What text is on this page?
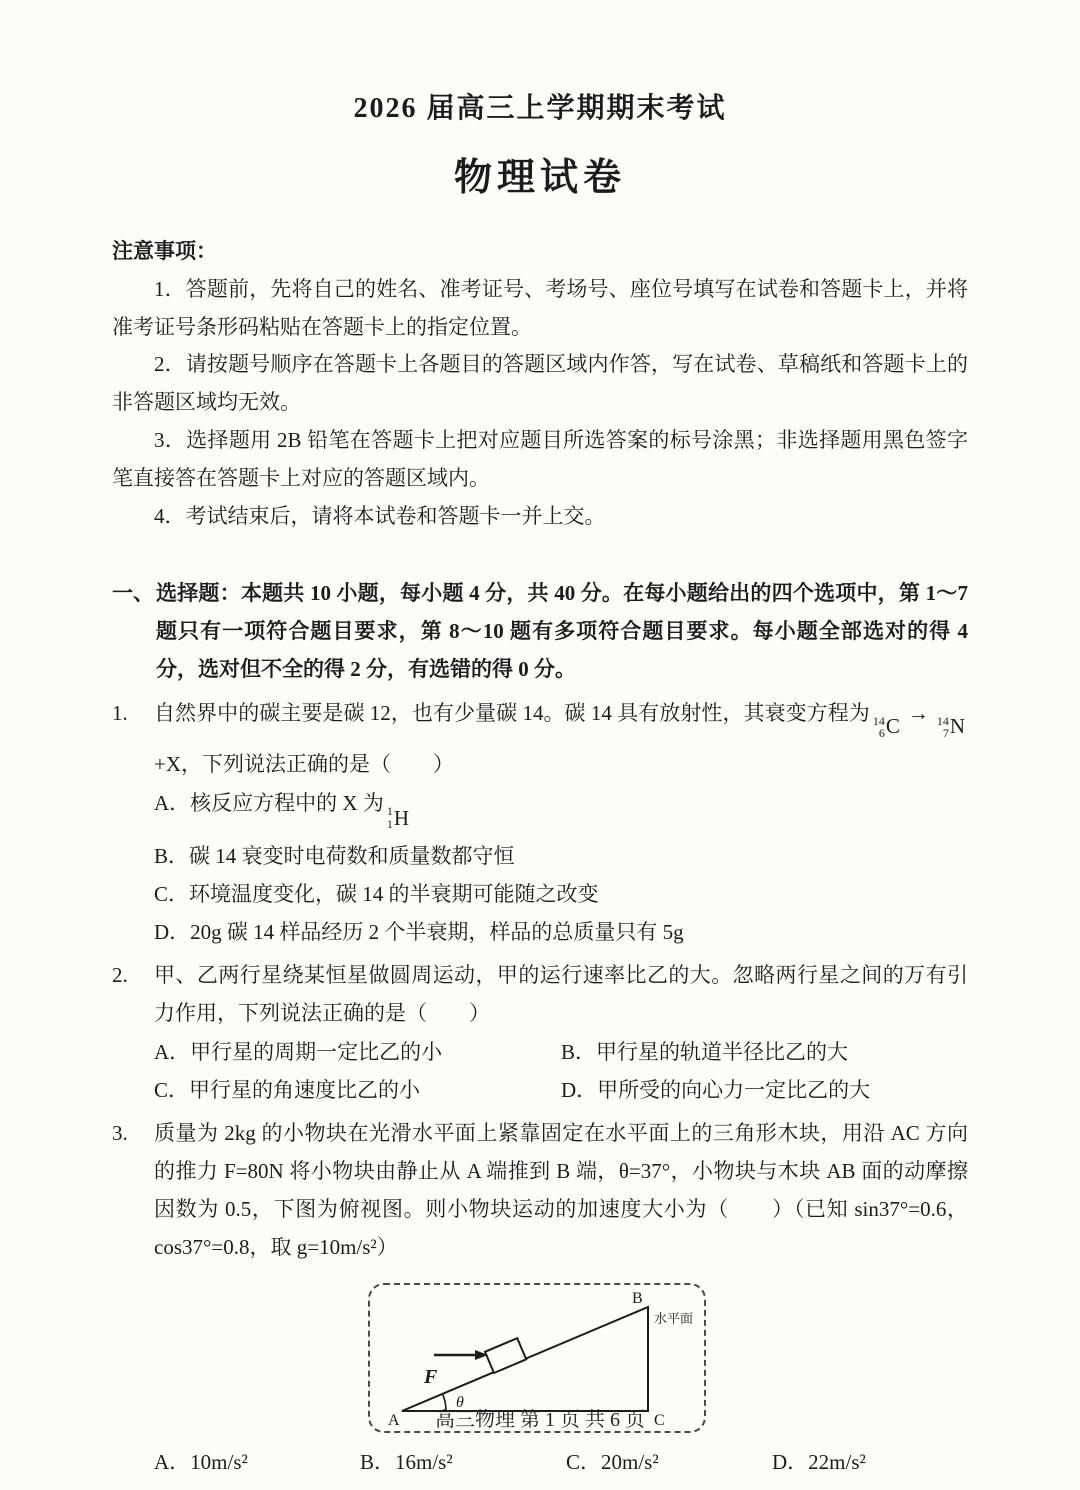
2026 届高三上学期期末考试
物理试卷
注意事项：

1．答题前，先将自己的姓名、准考证号、考场号、座位号填写在试卷和答题卡上，并将准考证号条形码粘贴在答题卡上的指定位置。

2．请按题号顺序在答题卡上各题目的答题区域内作答，写在试卷、草稿纸和答题卡上的非答题区域均无效。

3．选择题用 2B 铅笔在答题卡上把对应题目所选答案的标号涂黑；非选择题用黑色签字笔直接答在答题卡上对应的答题区域内。

4．考试结束后，请将本试卷和答题卡一并上交。

一、 选择题：本题共 10 小题，每小题 4 分，共 40 分。在每小题给出的四个选项中，第 1～7 题只有一项符合题目要求，第 8～10 题有多项符合题目要求。每小题全部选对的得 4 分，选对但不全的得 2 分，有选错的得 0 分。
1.	自然界中的碳主要是碳 12，也有少量碳 14。碳 14 具有放射性，其衰变方程为 14
6 C
→ 14
7 N
+X，下列说法正确的是（　　）
A．核反应方程中的 X 为 1
1 H
B．碳 14 衰变时电荷数和质量数都守恒
C．环境温度变化，碳 14 的半衰期可能随之改变
D．20g 碳 14 样品经历 2 个半衰期，样品的总质量只有 5g
2.	甲、乙两行星绕某恒星做圆周运动，甲的运行速率比乙的大。忽略两行星之间的万有引力作用，下列说法正确的是（　　）
A．甲行星的周期一定比乙的小	B．甲行星的轨道半径比乙的大
C．甲行星的角速度比乙的小	D．甲所受的向心力一定比乙的大
3.	质量为 2kg 的小物块在光滑水平面上紧靠固定在水平面上的三角形木块，用沿 AC 方向的推力 F=80N 将小物块由静止从 A 端推到 B 端，θ=37°，小物块与木块 AB 面的动摩擦因数为 0.5，下图为俯视图。则小物块运动的加速度大小为（　　）（已知 sin37°=0.6，cos37°=0.8，取 g=10m/s²）
F
θ
A
B
C
水平面
A．10m/s²	B．16m/s²	C．20m/s²	D．22m/s²
高三物理 第 1 页 共 6 页
